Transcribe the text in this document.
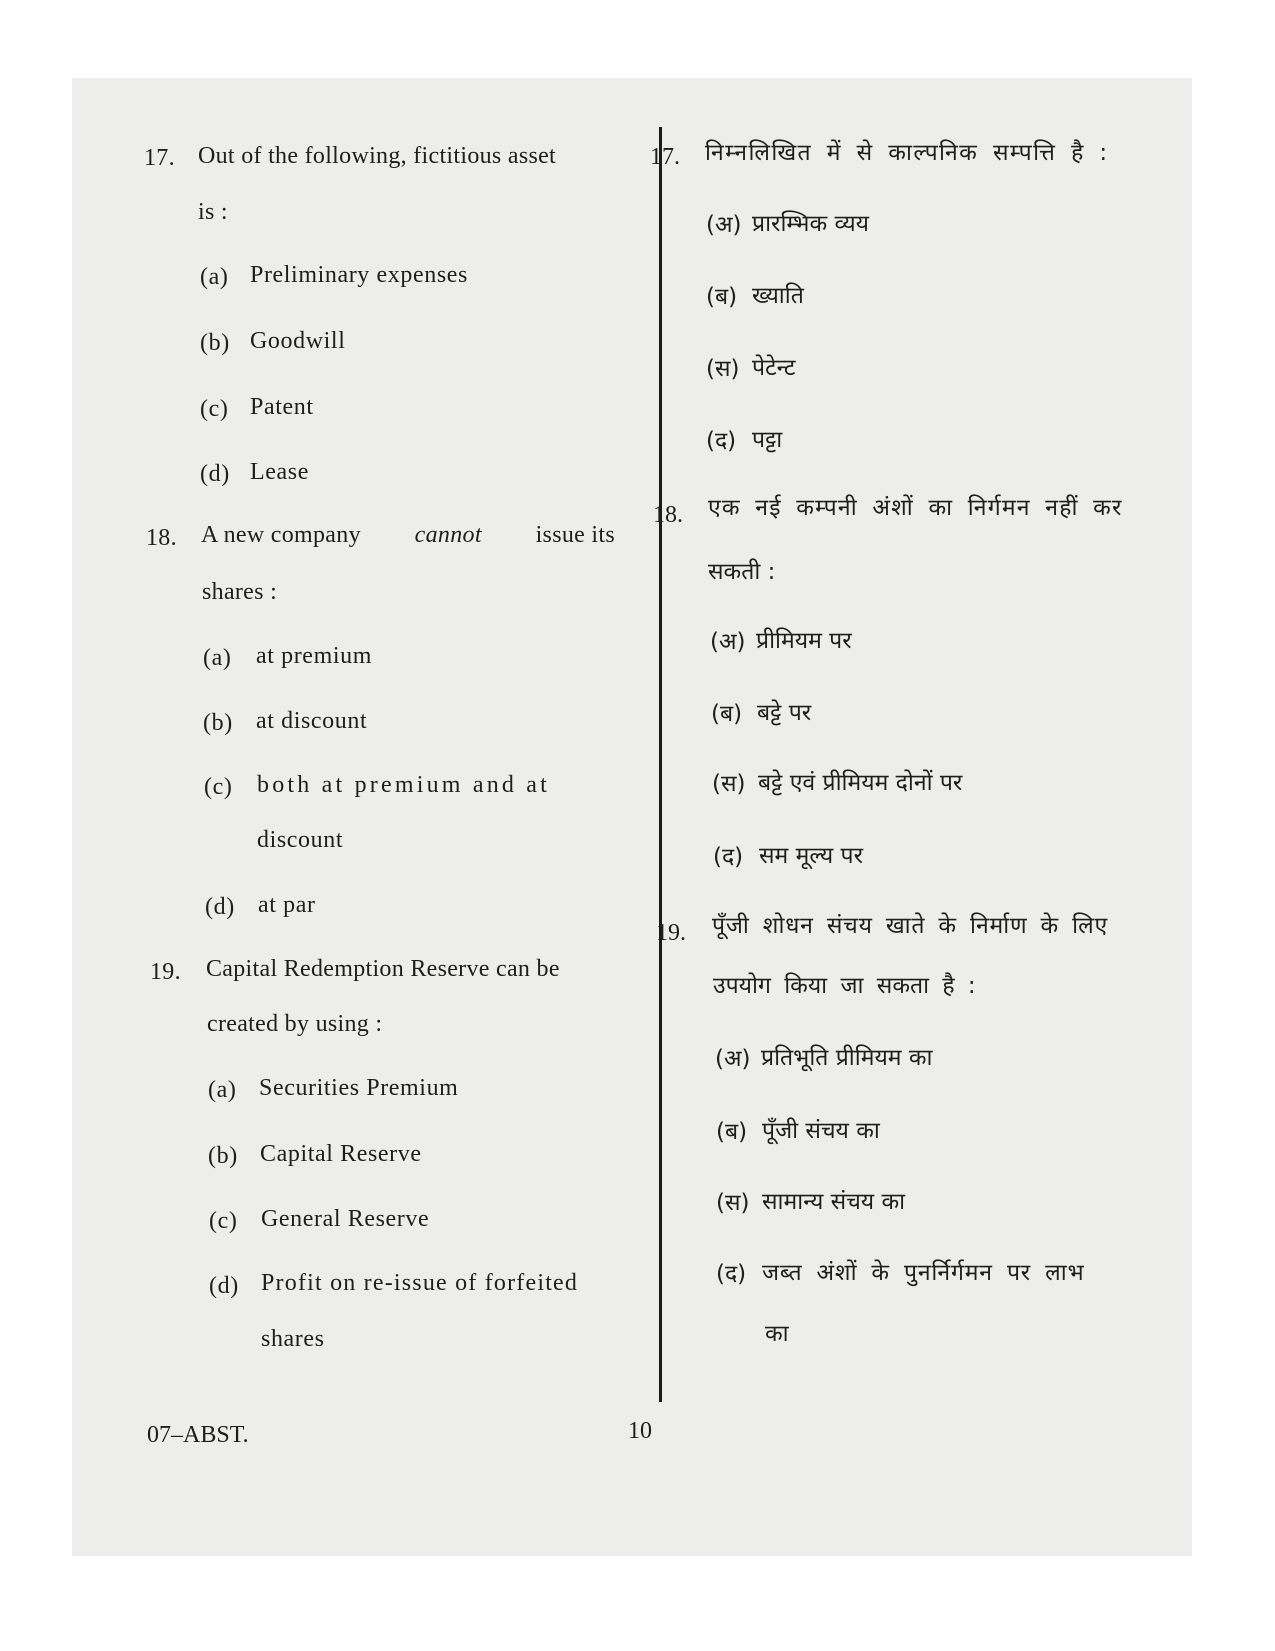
17. Out of the following, fictitious asset
is :
(a) Preliminary expenses
(b) Goodwill
(c) Patent
(d) Lease
18. A new company cannot issue its
shares :
(a) at premium
(b) at discount
(c) both at premium and at
discount
(d) at par
19. Capital Redemption Reserve can be
created by using :
(a) Securities Premium
(b) Capital Reserve
(c) General Reserve
(d) Profit on re-issue of forfeited
shares
17. निम्नलिखित में से काल्पनिक सम्पत्ति है :
(अ) प्रारम्भिक व्यय
(ब) ख्याति
(स) पेटेन्ट
(द) पट्टा
18. एक नई कम्पनी अंशों का निर्गमन नहीं कर
सकती :
(अ) प्रीमियम पर
(ब) बट्टे पर
(स) बट्टे एवं प्रीमियम दोनों पर
(द) सम मूल्य पर
19. पूँजी शोधन संचय खाते के निर्माण के लिए
उपयोग किया जा सकता है :
(अ) प्रतिभूति प्रीमियम का
(ब) पूँजी संचय का
(स) सामान्य संचय का
(द) जब्त अंशों के पुनर्निर्गमन पर लाभ
का
07–ABST.	10
